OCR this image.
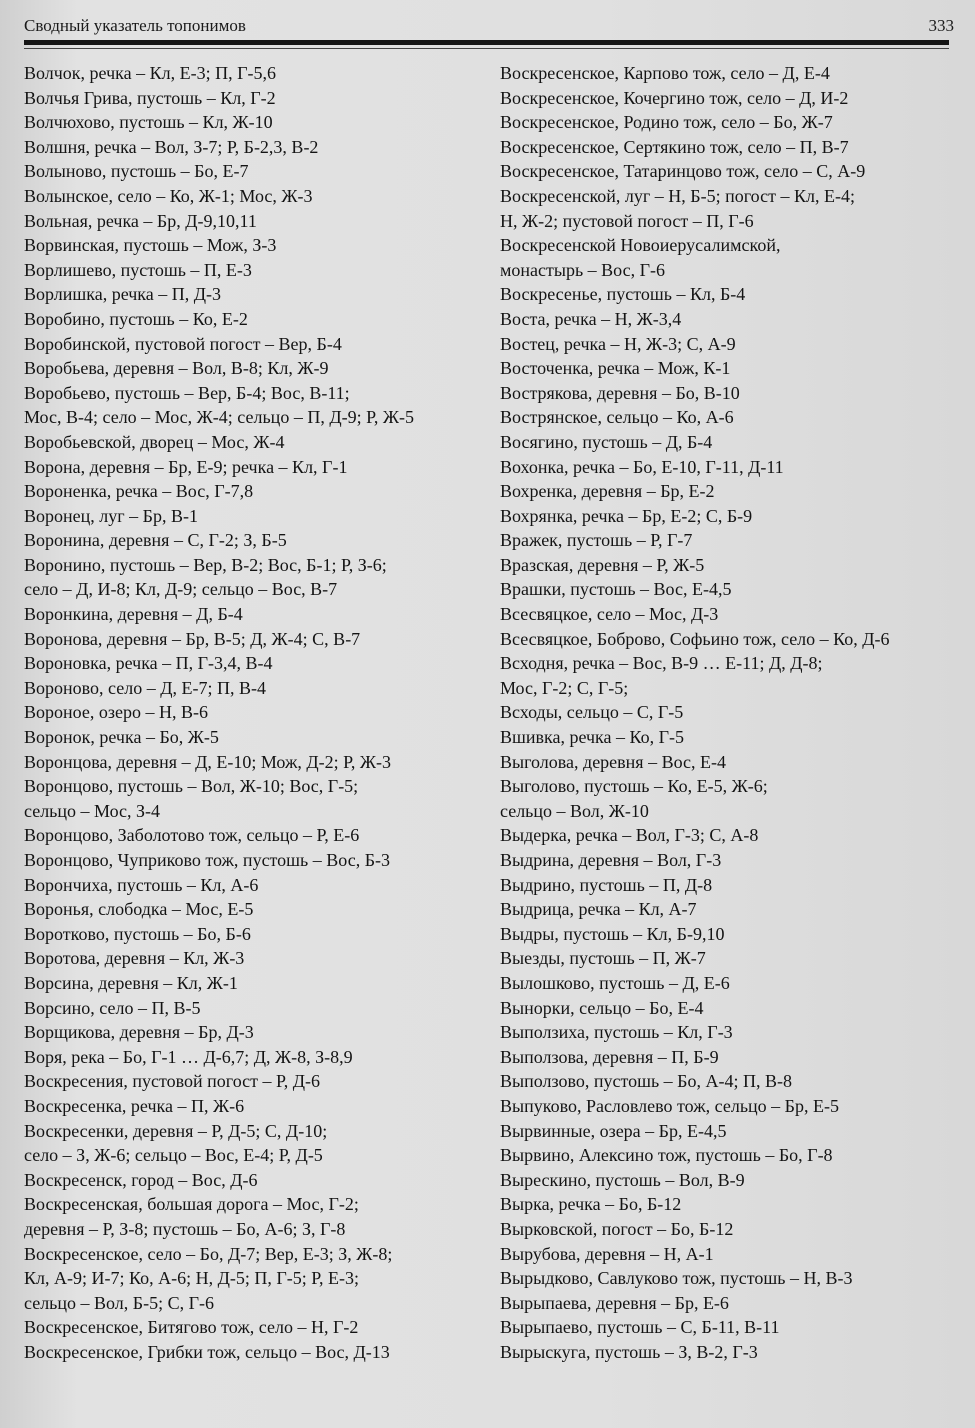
Сводный указатель топонимов	333
Волчок, речка – Кл, Е-3; П, Г-5,6
Волчья Грива, пустошь – Кл, Г-2
Волчюхово, пустошь – Кл, Ж-10
Волшня, речка – Вол, З-7; Р, Б-2,3, В-2
Волыново, пустошь – Бо, Е-7
Волынское, село – Ко, Ж-1; Мос, Ж-3
Вольная, речка – Бр, Д-9,10,11
Ворвинская, пустошь – Мож, З-3
Ворлишево, пустошь – П, Е-3
Ворлишка, речка – П, Д-3
Воробино, пустошь – Ко, Е-2
Воробинской, пустовой погост – Вер, Б-4
Воробьева, деревня – Вол, В-8; Кл, Ж-9
Воробьево, пустошь – Вер, Б-4; Вос, В-11;
Мос, В-4; село – Мос, Ж-4; сельцо – П, Д-9; Р, Ж-5
Воробьевской, дворец – Мос, Ж-4
Ворона, деревня – Бр, Е-9; речка – Кл, Г-1
Вороненка, речка – Вос, Г-7,8
Воронец, луг – Бр, В-1
Воронина, деревня – С, Г-2; З, Б-5
Воронино, пустошь – Вер, В-2; Вос, Б-1; Р, З-6;
село – Д, И-8; Кл, Д-9; сельцо – Вос, В-7
Воронкина, деревня – Д, Б-4
Воронова, деревня – Бр, В-5; Д, Ж-4; С, В-7
Вороновка, речка – П, Г-3,4, В-4
Вороново, село – Д, Е-7; П, В-4
Вороное, озеро – Н, В-6
Воронок, речка – Бо, Ж-5
Воронцова, деревня – Д, Е-10; Мож, Д-2; Р, Ж-3
Воронцово, пустошь – Вол, Ж-10; Вос, Г-5;
сельцо – Мос, З-4
Воронцово, Заболотово тож, сельцо – Р, Е-6
Воронцово, Чуприково тож, пустошь – Вос, Б-3
Ворончиха, пустошь – Кл, А-6
Воронья, слободка – Мос, Е-5
Воротково, пустошь – Бо, Б-6
Воротова, деревня – Кл, Ж-3
Ворсина, деревня – Кл, Ж-1
Ворсино, село – П, В-5
Ворщикова, деревня – Бр, Д-3
Воря, река – Бо, Г-1 … Д-6,7; Д, Ж-8, З-8,9
Воскресения, пустовой погост – Р, Д-6
Воскресенка, речка – П, Ж-6
Воскресенки, деревня – Р, Д-5; С, Д-10;
село – З, Ж-6; сельцо – Вос, Е-4; Р, Д-5
Воскресенск, город – Вос, Д-6
Воскресенская, большая дорога – Мос, Г-2;
деревня – Р, З-8; пустошь – Бо, А-6; З, Г-8
Воскресенское, село – Бо, Д-7; Вер, Е-3; З, Ж-8;
Кл, А-9; И-7; Ко, А-6; Н, Д-5; П, Г-5; Р, Е-3;
сельцо – Вол, Б-5; С, Г-6
Воскресенское, Битягово тож, село – Н, Г-2
Воскресенское, Грибки тож, сельцо – Вос, Д-13
Воскресенское, Карпово тож, село – Д, Е-4
Воскресенское, Кочергино тож, село – Д, И-2
Воскресенское, Родино тож, село – Бо, Ж-7
Воскресенское, Сертякино тож, село – П, В-7
Воскресенское, Татаринцово тож, село – С, А-9
Воскресенской, луг – Н, Б-5; погост – Кл, Е-4;
Н, Ж-2; пустовой погост – П, Г-6
Воскресенской Новоиерусалимской,
монастырь – Вос, Г-6
Воскресенье, пустошь – Кл, Б-4
Воста, речка – Н, Ж-3,4
Востец, речка – Н, Ж-3; С, А-9
Восточенка, речка – Мож, К-1
Вострякова, деревня – Бо, В-10
Вострянское, сельцо – Ко, А-6
Восягино, пустошь – Д, Б-4
Вохонка, речка – Бо, Е-10, Г-11, Д-11
Вохренка, деревня – Бр, Е-2
Вохрянка, речка – Бр, Е-2; С, Б-9
Вражек, пустошь – Р, Г-7
Вразская, деревня – Р, Ж-5
Врашки, пустошь – Вос, Е-4,5
Всесвяцкое, село – Мос, Д-3
Всесвяцкое, Боброво, Софьино тож, село – Ко, Д-6
Всходня, речка – Вос, В-9 … Е-11; Д, Д-8;
Мос, Г-2; С, Г-5;
Всходы, сельцо – С, Г-5
Вшивка, речка – Ко, Г-5
Выголова, деревня – Вос, Е-4
Выголово, пустошь – Ко, Е-5, Ж-6;
сельцо – Вол, Ж-10
Выдерка, речка – Вол, Г-3; С, А-8
Выдрина, деревня – Вол, Г-3
Выдрино, пустошь – П, Д-8
Выдрица, речка – Кл, А-7
Выдры, пустошь – Кл, Б-9,10
Выезды, пустошь – П, Ж-7
Вылошково, пустошь – Д, Е-6
Вынорки, сельцо – Бо, Е-4
Выползиха, пустошь – Кл, Г-3
Выползова, деревня – П, Б-9
Выползово, пустошь – Бо, А-4; П, В-8
Выпуково, Расловлево тож, сельцо – Бр, Е-5
Вырвинные, озера – Бр, Е-4,5
Вырвино, Алексино тож, пустошь – Бо, Г-8
Вырескино, пустошь – Вол, В-9
Вырка, речка – Бо, Б-12
Вырковской, погост – Бо, Б-12
Вырубова, деревня – Н, А-1
Вырыдково, Савлуково тож, пустошь – Н, В-3
Вырыпаева, деревня – Бр, Е-6
Вырыпаево, пустошь – С, Б-11, В-11
Вырыскуга, пустошь – З, В-2, Г-3
